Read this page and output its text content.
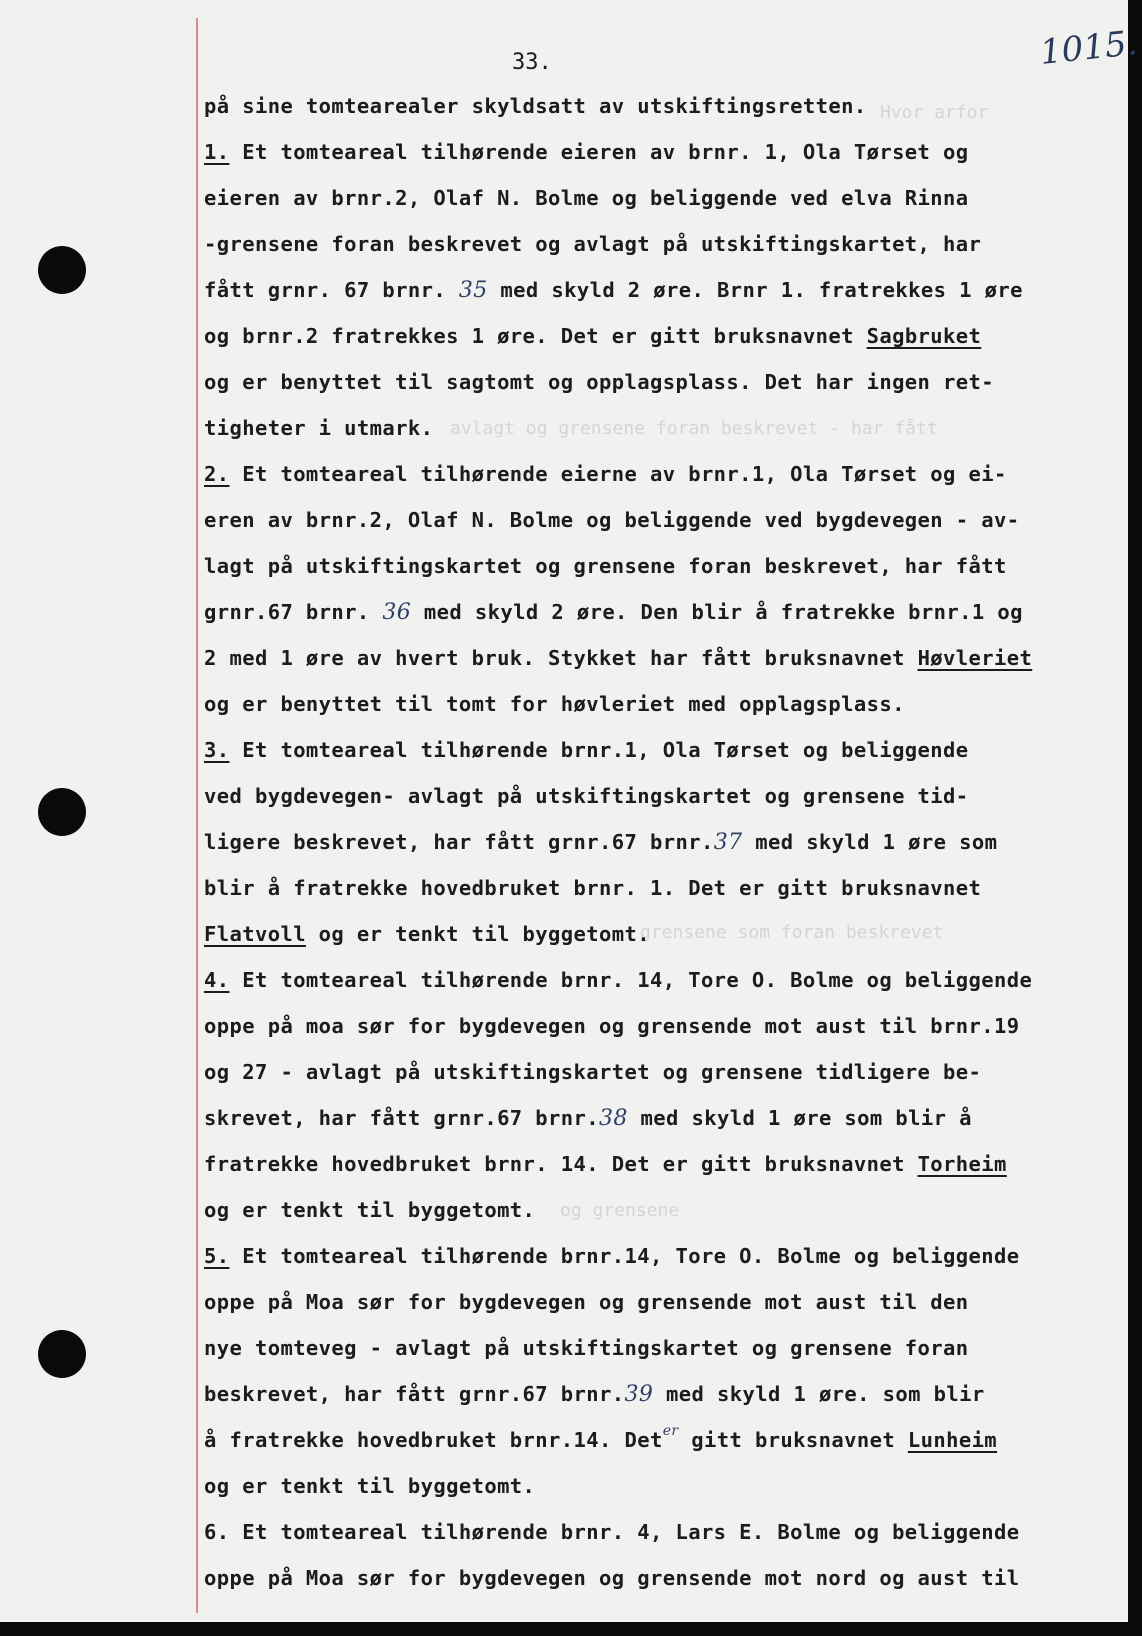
33.	1015.
Hvor arfor
avlagt og grensene foran beskrevet - har fått
grensene som foran beskrevet
og grensene
på sine tomtearealer skyldsatt av utskiftingsretten.
1. Et tomteareal tilhørende eieren av brnr. 1, Ola Tørset og
eieren av brnr.2, Olaf N. Bolme og beliggende ved elva Rinna
-grensene foran beskrevet og avlagt på utskiftingskartet, har
fått grnr. 67 brnr. 35 med skyld 2 øre. Brnr 1. fratrekkes 1 øre
og brnr.2 fratrekkes 1 øre. Det er gitt bruksnavnet Sagbruket
og er benyttet til sagtomt og opplagsplass. Det har ingen ret-
tigheter i utmark.
2. Et tomteareal tilhørende eierne av brnr.1, Ola Tørset og ei-
eren av brnr.2, Olaf N. Bolme og beliggende ved bygdevegen - av-
lagt på utskiftingskartet og grensene foran beskrevet, har fått
grnr.67 brnr. 36 med skyld 2 øre. Den blir å fratrekke brnr.1 og
2 med 1 øre av hvert bruk. Stykket har fått bruksnavnet Høvleriet
og er benyttet til tomt for høvleriet med opplagsplass.
3. Et tomteareal tilhørende brnr.1, Ola Tørset og beliggende
ved bygdevegen- avlagt på utskiftingskartet og grensene tid-
ligere beskrevet, har fått grnr.67 brnr.37 med skyld 1 øre som
blir å fratrekke hovedbruket brnr. 1. Det er gitt bruksnavnet
Flatvoll og er tenkt til byggetomt.
4. Et tomteareal tilhørende brnr. 14, Tore O. Bolme og beliggende
oppe på moa sør for bygdevegen og grensende mot aust til brnr.19
og 27 - avlagt på utskiftingskartet og grensene tidligere be-
skrevet, har fått grnr.67 brnr.38 med skyld 1 øre som blir å
fratrekke hovedbruket brnr. 14. Det er gitt bruksnavnet Torheim
og er tenkt til byggetomt.
5. Et tomteareal tilhørende brnr.14, Tore O. Bolme og beliggende
oppe på Moa sør for bygdevegen og grensende mot aust til den
nye tomteveg - avlagt på utskiftingskartet og grensene foran
beskrevet, har fått grnr.67 brnr.39 med skyld 1 øre. som blir
å fratrekke hovedbruket brnr.14. Det$^{er}$ gitt bruksnavnet Lunheim
og er tenkt til byggetomt.
6. Et tomteareal tilhørende brnr. 4, Lars E. Bolme og beliggende
oppe på Moa sør for bygdevegen og grensende mot nord og aust til
